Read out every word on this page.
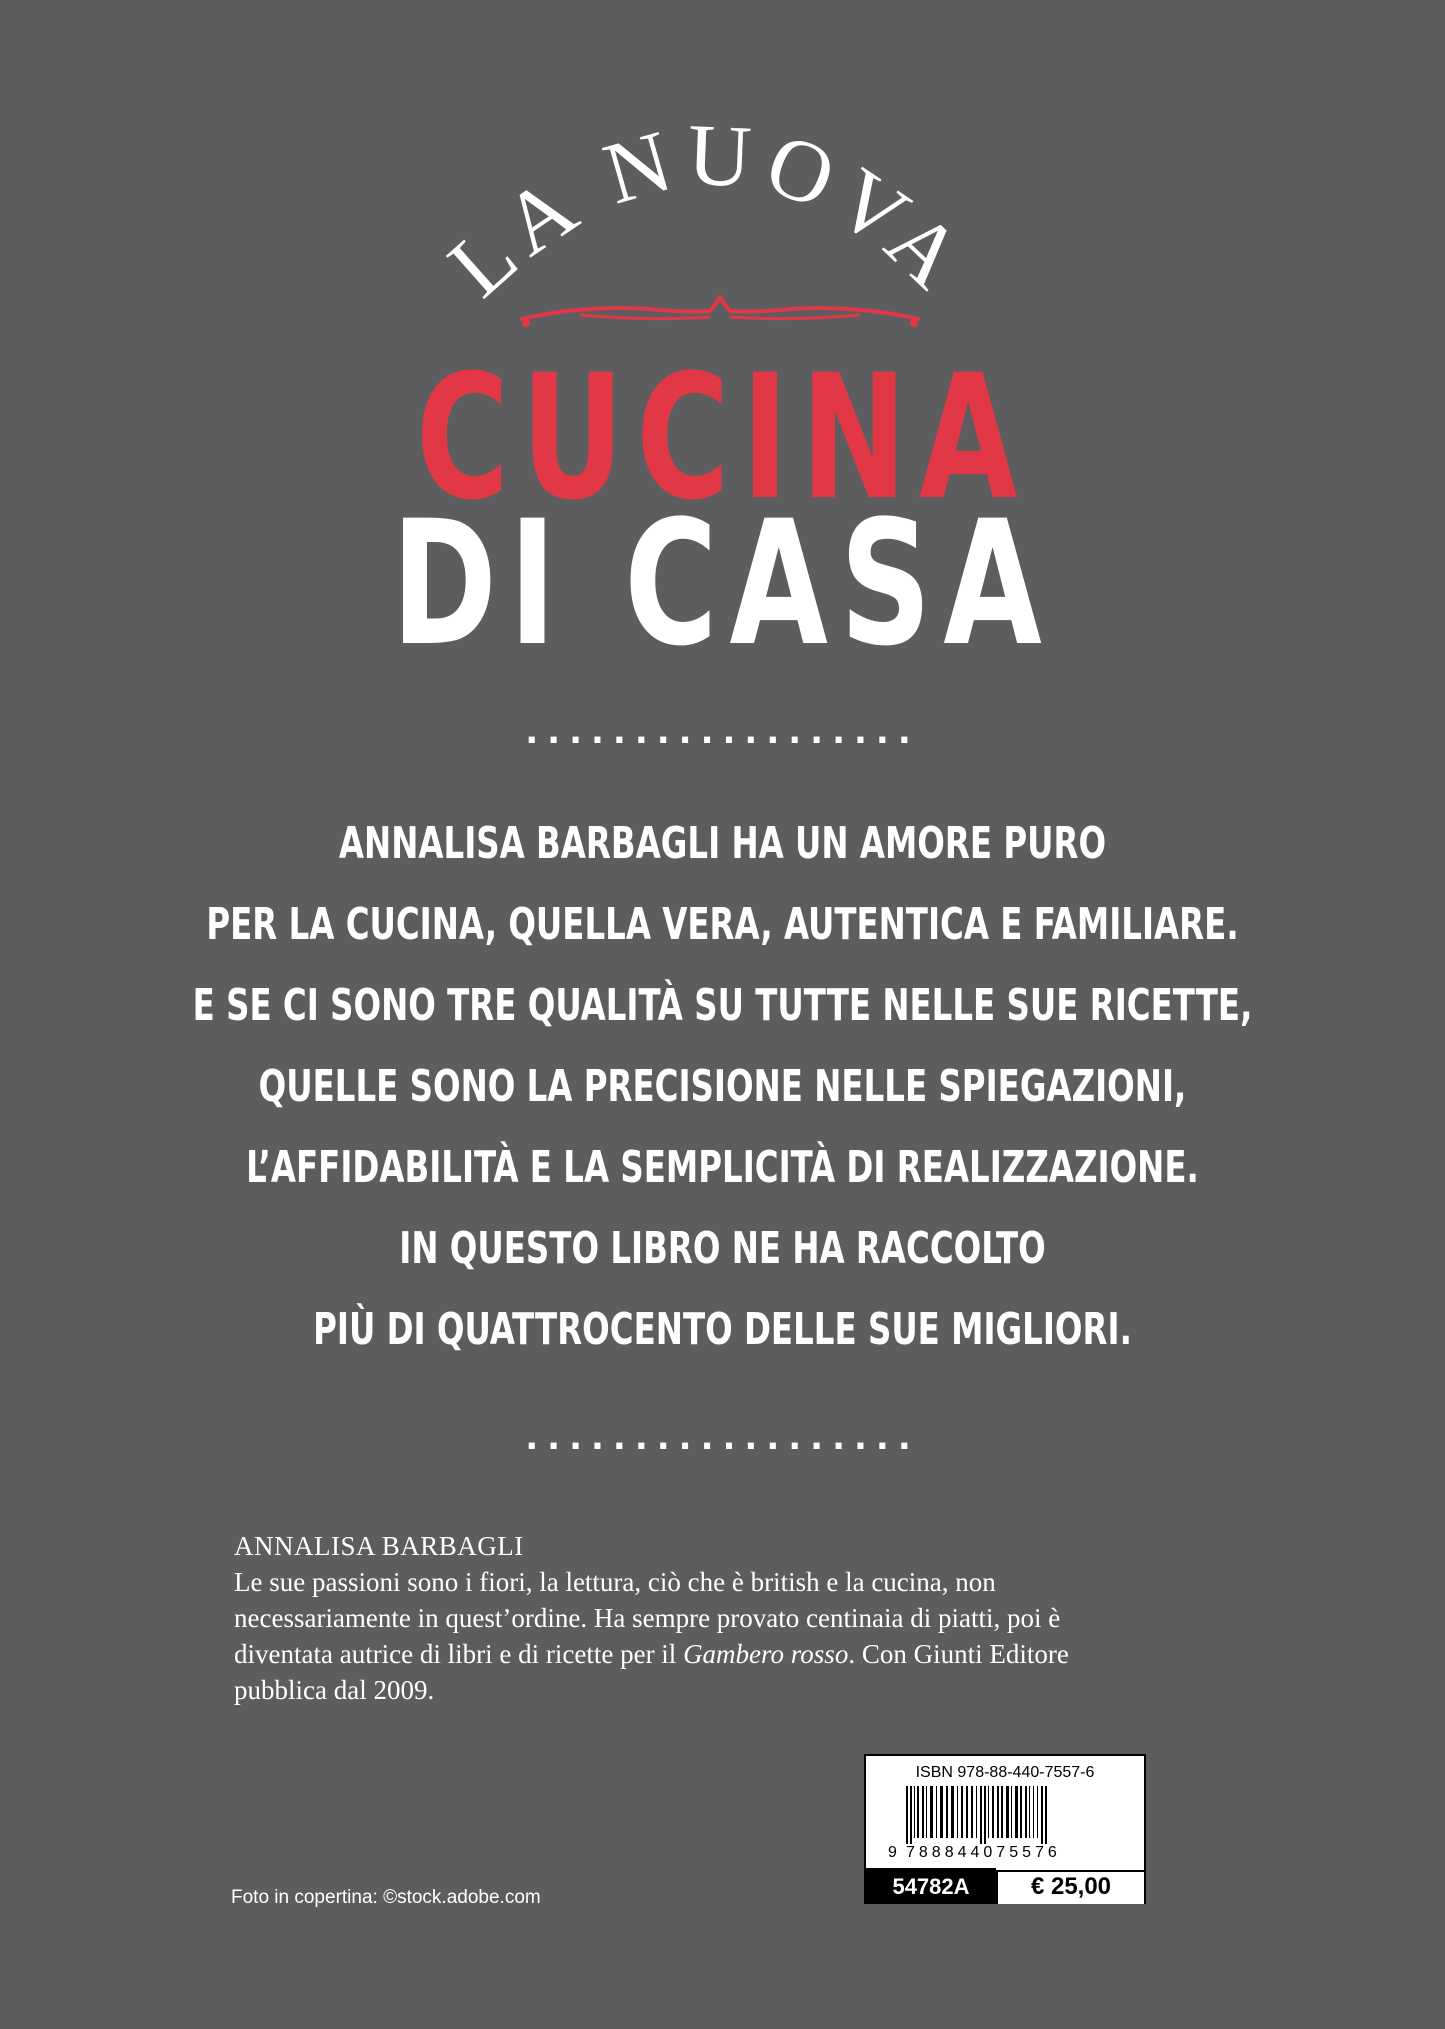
LA NUOVA
CUCINA
DI CASA
..................
ANNALISA BARBAGLI HA UN AMORE PURO
PER LA CUCINA, QUELLA VERA, AUTENTICA E FAMILIARE.
E SE CI SONO TRE QUALITÀ SU TUTTE NELLE SUE RICETTE,
QUELLE SONO LA PRECISIONE NELLE SPIEGAZIONI,
L’AFFIDABILITÀ E LA SEMPLICITÀ DI REALIZZAZIONE.
IN QUESTO LIBRO NE HA RACCOLTO
PIÙ DI QUATTROCENTO DELLE SUE MIGLIORI.
..................
ANNALISA BARBAGLI
Le sue passioni sono i fiori, la lettura, ciò che è british e la cucina, non necessariamente in quest’ordine. Ha sempre provato centinaia di piatti, poi è diventata autrice di libri e di ricette per il Gambero rosso. Con Giunti Editore pubblica dal 2009.
Foto in copertina: ©stock.adobe.com
ISBN 978-88-440-7557-6
9 788844075576
54782A	€ 25,00
